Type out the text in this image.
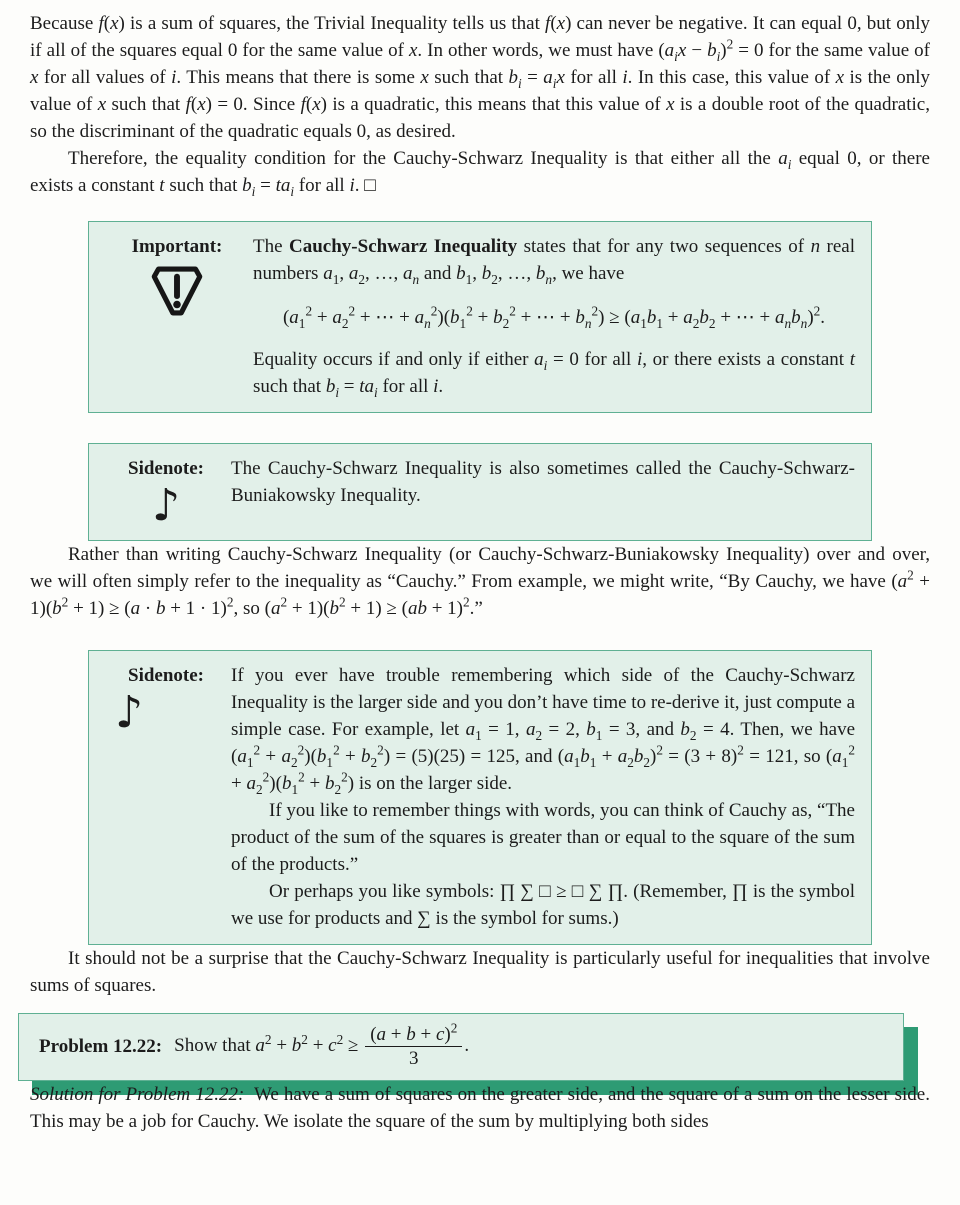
Because f(x) is a sum of squares, the Trivial Inequality tells us that f(x) can never be negative. It can equal 0, but only if all of the squares equal 0 for the same value of x. In other words, we must have $(a_ix - b_i)^2 = 0$ for the same value of x for all values of i. This means that there is some x such that $b_i = a_ix$ for all i. In this case, this value of x is the only value of x such that f(x) = 0. Since f(x) is a quadratic, this means that this value of x is a double root of the quadratic, so the discriminant of the quadratic equals 0, as desired.

Therefore, the equality condition for the Cauchy-Schwarz Inequality is that either all the $a_i$ equal 0, or there exists a constant t such that $b_i = ta_i$ for all i. □

Important: The Cauchy-Schwarz Inequality states that for any two sequences of n real numbers $a_1$, $a_2$, …, $a_n$ and $b_1$, $b_2$, …, $b_n$, we have

($a_1^2 + a_2^2$ + ⋯ + $a_n^2)(b_1^2 + b_2^2$ + ⋯ + $b_n^2) \ge (a_1b_1 + a_2b_2$ + ⋯ + $a_nb_n)^2$.

Equality occurs if and only if either $a_i = 0$ for all i, or there exists a constant t such that $b_i = ta_i$ for all i.

Sidenote:
♪

The Cauchy-Schwarz Inequality is also sometimes called the Cauchy-Schwarz-Buniakowsky Inequality.

Rather than writing Cauchy-Schwarz Inequality (or Cauchy-Schwarz-Buniakowsky Inequality) over and over, we will often simply refer to the inequality as “Cauchy.” From example, we might write, “By Cauchy, we have $(a^2 + 1)(b^2 + 1) \ge (a \cdot b + 1 \cdot 1)^2$, so $(a^2 + 1)(b^2 + 1) \ge (ab + 1)^2$.”

Sidenote:
♪

If you ever have trouble remembering which side of the Cauchy-Schwarz Inequality is the larger side and you don’t have time to re-derive it, just compute a simple case. For example, let $a_1 = 1$, $a_2 = 2$, $b_1 = 3$, and $b_2 = 4$. Then, we have $(a_1^2 + a_2^2)(b_1^2 + b_2^2) = (5)(25) = 125$, and $(a_1b_1 + a_2b_2)^2 = (3 + 8)^2 = 121$, so $(a_1^2 + a_2^2)(b_1^2 + b_2^2)$ is on the larger side.

If you like to remember things with words, you can think of Cauchy as, “The product of the sum of the squares is greater than or equal to the square of the sum of the products.”

Or perhaps you like symbols: ∏ ∑ □ ≥ □ ∑ ∏. (Remember, ∏ is the symbol we use for products and ∑ is the symbol for sums.)

It should not be a surprise that the Cauchy-Schwarz Inequality is particularly useful for inequalities that involve sums of squares.

Problem 12.22: Show that $a^2 + b^2 + c^2 \ge \frac{(a + b + c)^2}{3}$ .

Solution for Problem 12.22:  We have a sum of squares on the greater side, and the square of a sum on the lesser side. This may be a job for Cauchy. We isolate the square of the sum by multiplying both sides
